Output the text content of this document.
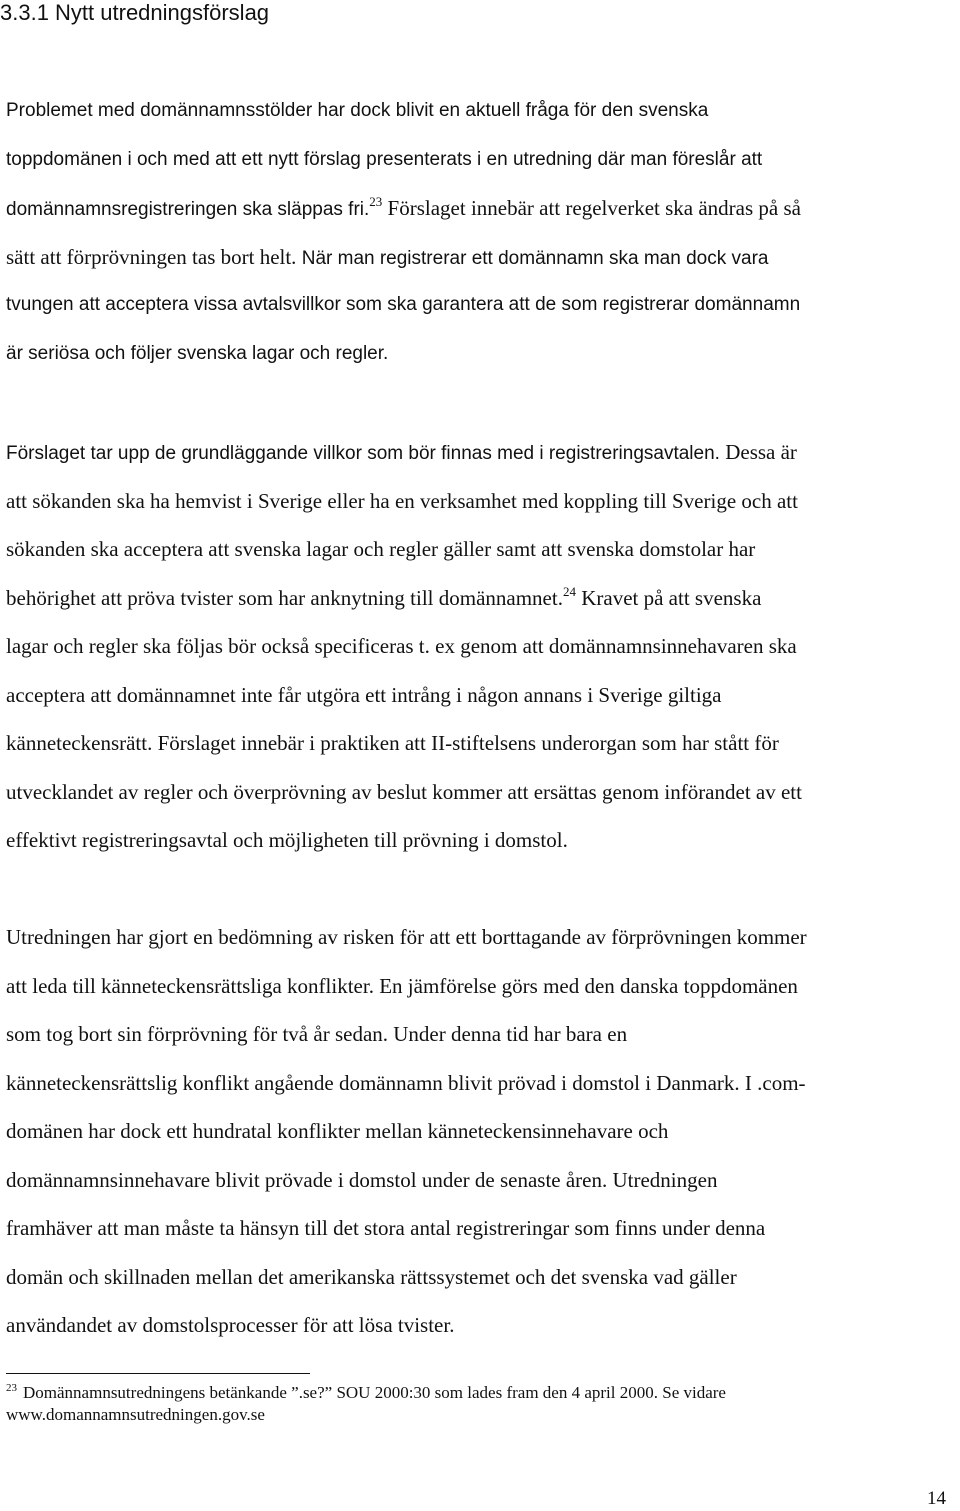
3.3.1 Nytt utredningsförslag
Problemet med domännamnsstölder har dock blivit en aktuell fråga för den svenska
toppdomänen i och med att ett nytt förslag presenterats i en utredning där man föreslår att
domännamnsregistreringen ska släppas fri.$^{23}$ Förslaget innebär att regelverket ska ändras på så
sätt att förprövningen tas bort helt. När man registrerar ett domännamn ska man dock vara
tvungen att acceptera vissa avtalsvillkor som ska garantera att de som registrerar domännamn
är seriösa och följer svenska lagar och regler.
Förslaget tar upp de grundläggande villkor som bör finnas med i registreringsavtalen. Dessa är
att sökanden ska ha hemvist i Sverige eller ha en verksamhet med koppling till Sverige och att
sökanden ska acceptera att svenska lagar och regler gäller samt att svenska domstolar har
behörighet att pröva tvister som har anknytning till domännamnet.$^{24}$ Kravet på att svenska
lagar och regler ska följas bör också specificeras t. ex genom att domännamnsinnehavaren ska
acceptera att domännamnet inte får utgöra ett intrång i någon annans i Sverige giltiga
känneteckensrätt. Förslaget innebär i praktiken att II-stiftelsens underorgan som har stått för
utvecklandet av regler och överprövning av beslut kommer att ersättas genom införandet av ett
effektivt registreringsavtal och möjligheten till prövning i domstol.
Utredningen har gjort en bedömning av risken för att ett borttagande av förprövningen kommer
att leda till känneteckensrättsliga konflikter. En jämförelse görs med den danska toppdomänen
som tog bort sin förprövning för två år sedan. Under denna tid har bara en
känneteckensrättslig konflikt angående domännamn blivit prövad i domstol i Danmark. I .com-
domänen har dock ett hundratal konflikter mellan känneteckensinnehavare och
domännamnsinnehavare blivit prövade i domstol under de senaste åren. Utredningen
framhäver att man måste ta hänsyn till det stora antal registreringar som finns under denna
domän och skillnaden mellan det amerikanska rättssystemet och det svenska vad gäller
användandet av domstolsprocesser för att lösa tvister.
$^{23}$ Domännamnsutredningens betänkande ”.se?” SOU 2000:30 som lades fram den 4 april 2000. Se vidare
www.domannamnsutredningen.gov.se
14
